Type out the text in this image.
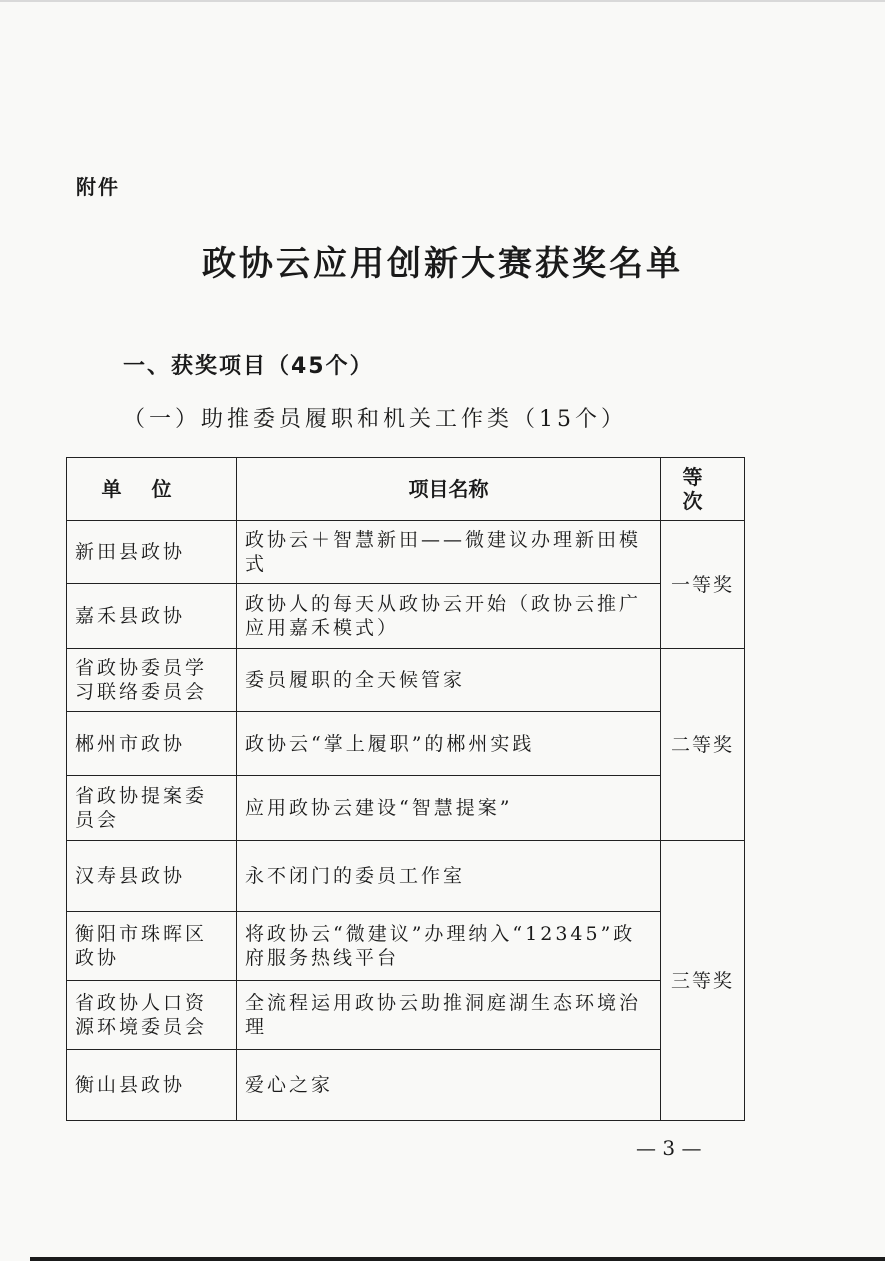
附件
政协云应用创新大赛获奖名单
一、获奖项目（45个）
（一）助推委员履职和机关工作类（15个）
单位	项目名称	等次
新田县政协	政协云＋智慧新田——微建议办理新田模式	一等奖
嘉禾县政协	政协人的每天从政协云开始（政协云推广应用嘉禾模式）	
省政协委员学习联络委员会	委员履职的全天候管家	二等奖
郴州市政协	政协云“掌上履职”的郴州实践	
省政协提案委员会	应用政协云建设“智慧提案”	
汉寿县政协	永不闭门的委员工作室	三等奖
衡阳市珠晖区政协	将政协云“微建议”办理纳入“12345”政府服务热线平台	
省政协人口资源环境委员会	全流程运用政协云助推洞庭湖生态环境治理	
衡山县政协	爱心之家	
— 3 —
